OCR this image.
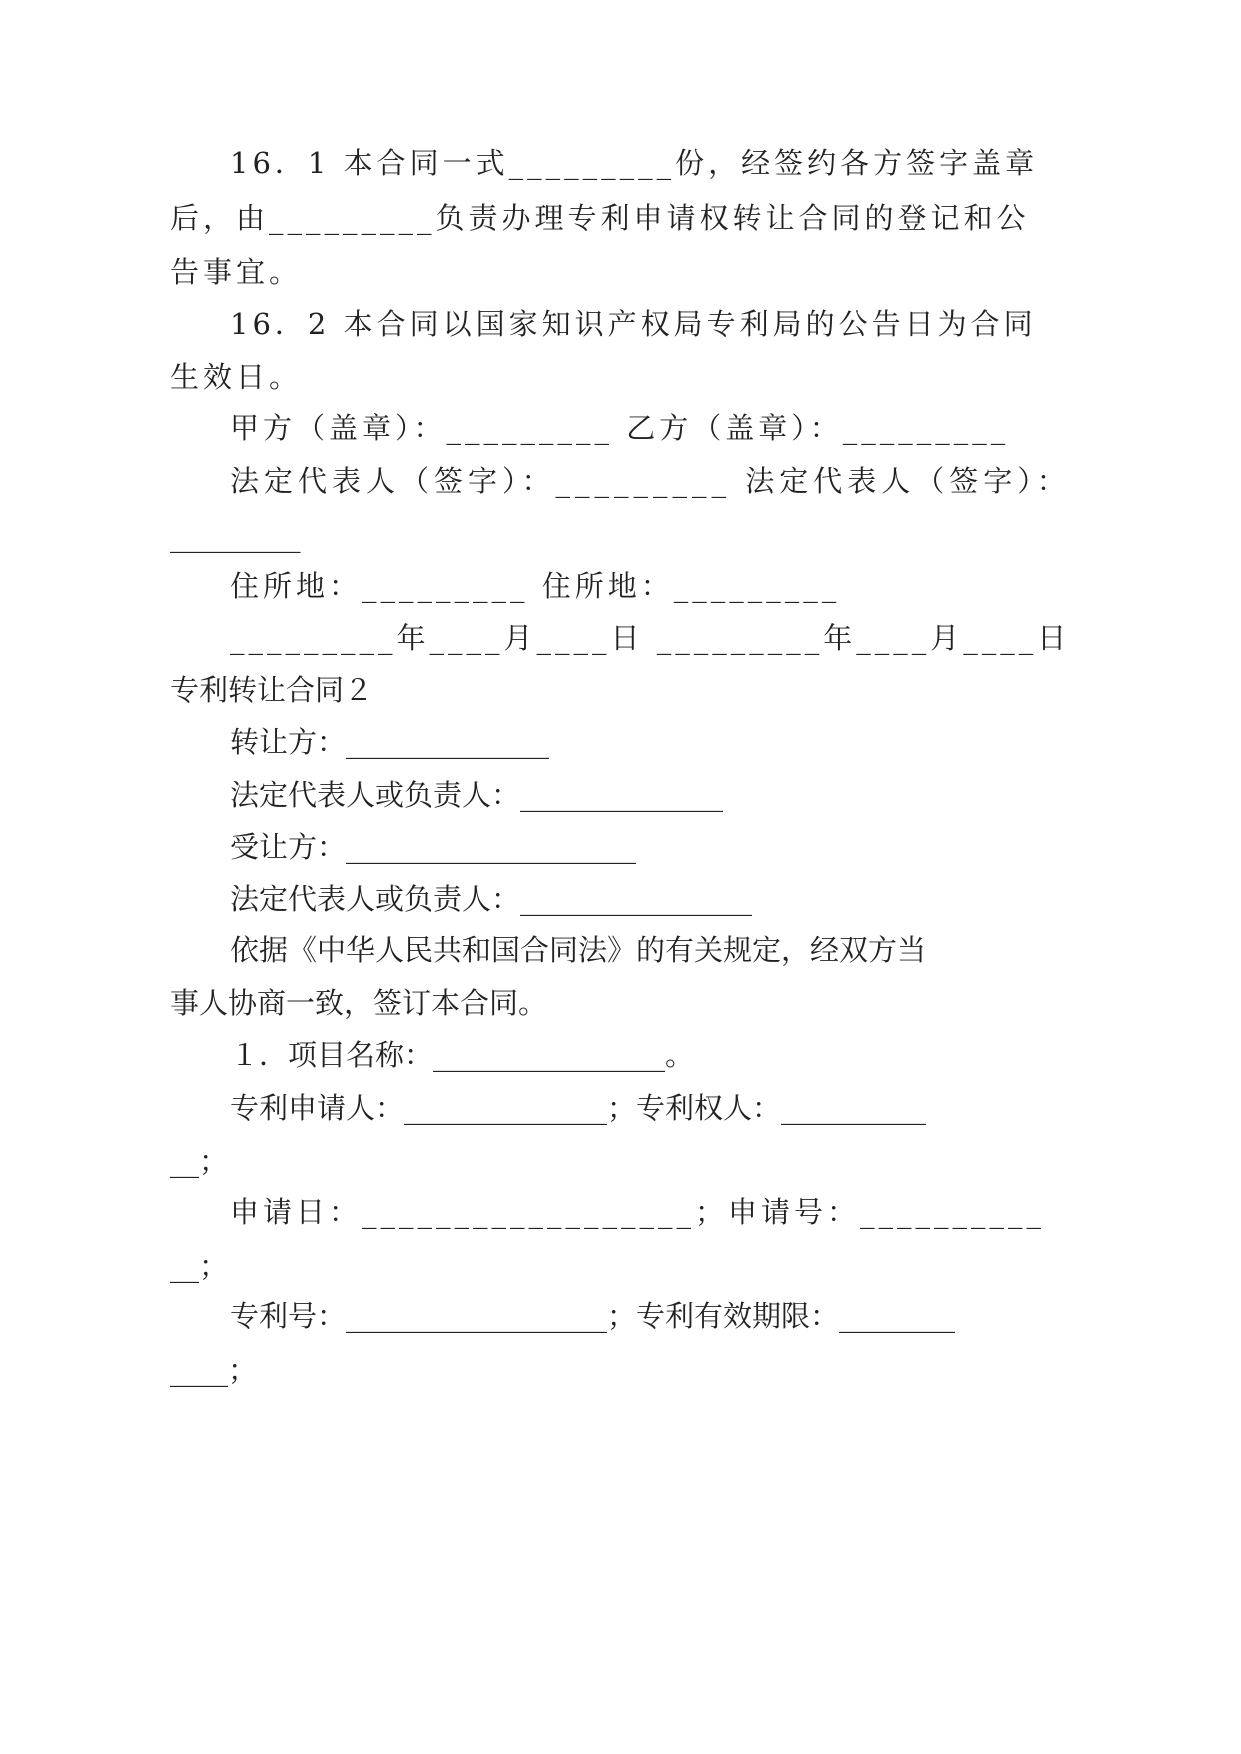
16．1 本合同一式_________份，经签约各方签字盖章
后，由_________负责办理专利申请权转让合同的登记和公
告事宜。
16．2 本合同以国家知识产权局专利局的公告日为合同
生效日。
甲方（盖章）：_________ 乙方（盖章）：_________
法定代表人（签字）：_________ 法定代表人（签字）：
_________
住所地：_________ 住所地：_________
_________年____月____日 _________年____月____日
专利转让合同２
转让方：______________
法定代表人或负责人：______________
受让方：____________________
法定代表人或负责人：________________
依据《中华人民共和国合同法》的有关规定，经双方当
事人协商一致，签订本合同。
１．项目名称：________________。
专利申请人：______________；专利权人：__________
__；
申请日：__________________；申请号：__________
__；
专利号：__________________；专利有效期限：________
____；
